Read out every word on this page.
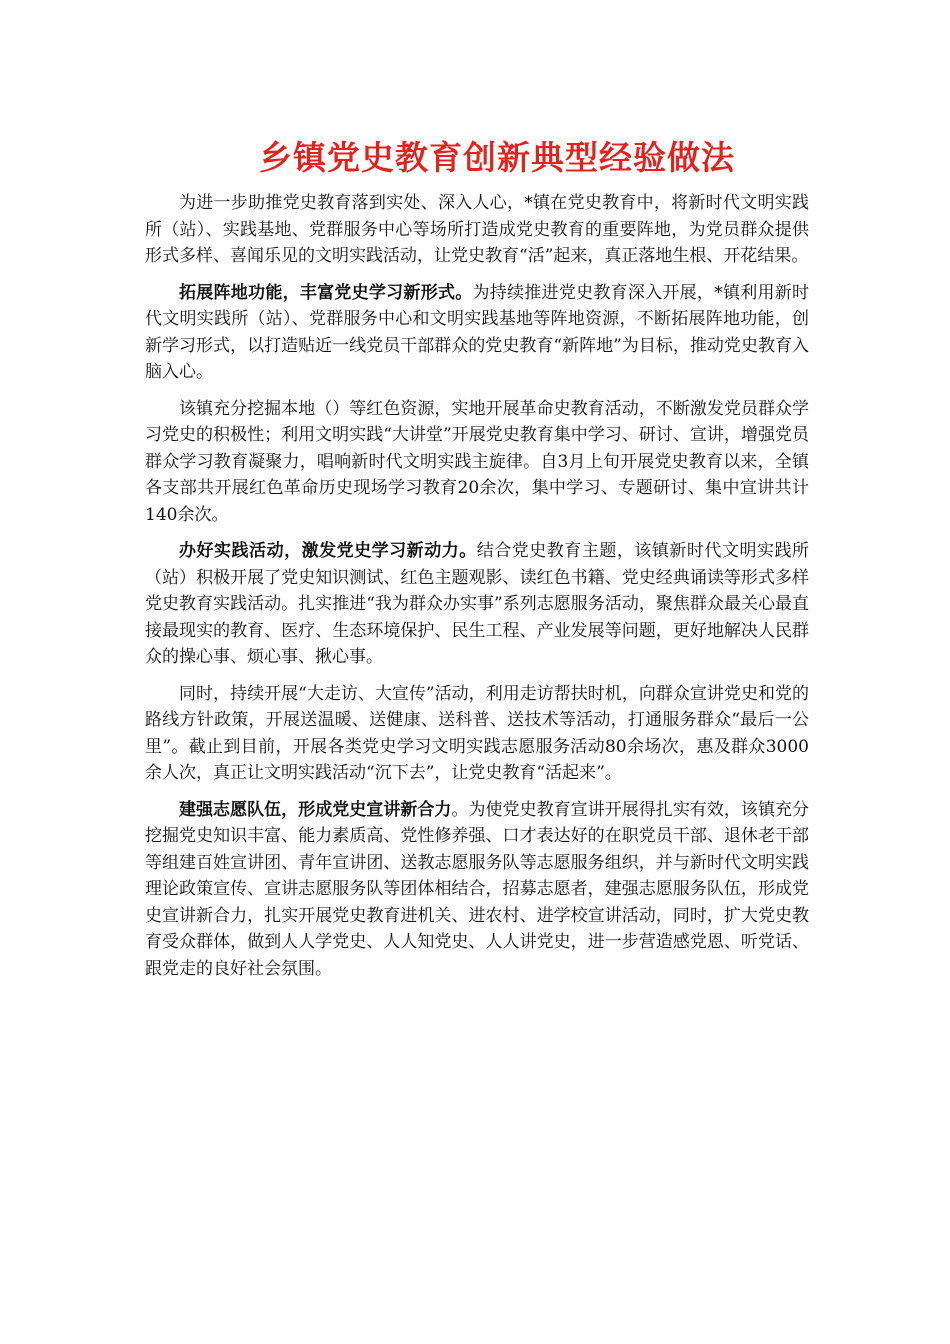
乡镇党史教育创新典型经验做法

为进一步助推党史教育落到实处、深入人心，*镇在党史教育中，将新时代文明实践所（站）、实践基地、党群服务中心等场所打造成党史教育的重要阵地，为党员群众提供形式多样、喜闻乐见的文明实践活动，让党史教育“活”起来，真正落地生根、开花结果。

拓展阵地功能，丰富党史学习新形式。为持续推进党史教育深入开展，*镇利用新时代文明实践所（站）、党群服务中心和文明实践基地等阵地资源，不断拓展阵地功能，创新学习形式，以打造贴近一线党员干部群众的党史教育“新阵地”为目标，推动党史教育入脑入心。

该镇充分挖掘本地（）等红色资源，实地开展革命史教育活动，不断激发党员群众学习党史的积极性；利用文明实践“大讲堂”开展党史教育集中学习、研讨、宣讲，增强党员群众学习教育凝聚力，唱响新时代文明实践主旋律。自3月上旬开展党史教育以来，全镇各支部共开展红色革命历史现场学习教育20余次，集中学习、专题研讨、集中宣讲共计140余次。

办好实践活动，激发党史学习新动力。结合党史教育主题，该镇新时代文明实践所（站）积极开展了党史知识测试、红色主题观影、读红色书籍、党史经典诵读等形式多样党史教育实践活动。扎实推进“我为群众办实事”系列志愿服务活动，聚焦群众最关心最直接最现实的教育、医疗、生态环境保护、民生工程、产业发展等问题，更好地解决人民群众的操心事、烦心事、揪心事。

同时，持续开展“大走访、大宣传”活动，利用走访帮扶时机，向群众宣讲党史和党的路线方针政策，开展送温暖、送健康、送科普、送技术等活动，打通服务群众“最后一公里”。截止到目前，开展各类党史学习文明实践志愿服务活动80余场次，惠及群众3000余人次，真正让文明实践活动“沉下去”，让党史教育“活起来”。

建强志愿队伍，形成党史宣讲新合力。为使党史教育宣讲开展得扎实有效，该镇充分挖掘党史知识丰富、能力素质高、党性修养强、口才表达好的在职党员干部、退休老干部等组建百姓宣讲团、青年宣讲团、送教志愿服务队等志愿服务组织，并与新时代文明实践理论政策宣传、宣讲志愿服务队等团体相结合，招募志愿者，建强志愿服务队伍，形成党史宣讲新合力，扎实开展党史教育进机关、进农村、进学校宣讲活动，同时，扩大党史教育受众群体，做到人人学党史、人人知党史、人人讲党史，进一步营造感党恩、听党话、跟党走的良好社会氛围。
